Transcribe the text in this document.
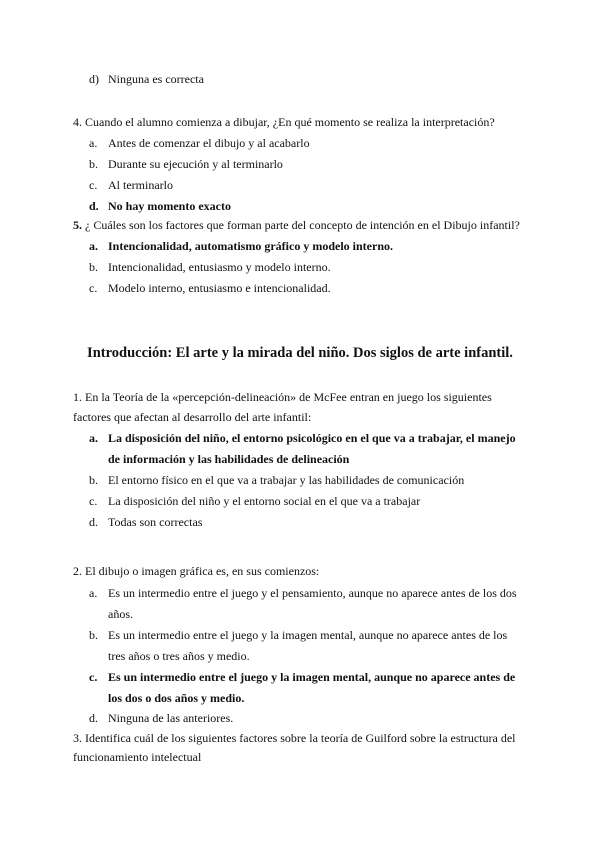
d) Ninguna es correcta
4. Cuando el alumno comienza a dibujar, ¿En qué momento se realiza la interpretación?
a. Antes de comenzar el dibujo y al acabarlo
b. Durante su ejecución y al terminarlo
c. Al terminarlo
d. No hay momento exacto
5. ¿ Cuáles son los factores que forman parte del concepto de intención en el Dibujo infantil?
a. Intencionalidad, automatismo gráfico y modelo interno.
b. Intencionalidad, entusiasmo y modelo interno.
c. Modelo interno, entusiasmo e intencionalidad.
Introducción: El arte y la mirada del niño. Dos siglos de arte infantil.
1. En la Teoría de la «percepción-delineación» de McFee entran en juego los siguientes
factores que afectan al desarrollo del arte infantil:
a. La disposición del niño, el entorno psicológico en el que va a trabajar, el manejo
de información y las habilidades de delineación
b. El entorno físico en el que va a trabajar y las habilidades de comunicación
c. La disposición del niño y el entorno social en el que va a trabajar
d. Todas son correctas
2. El dibujo o imagen gráfica es, en sus comienzos:
a. Es un intermedio entre el juego y el pensamiento, aunque no aparece antes de los dos
años.
b. Es un intermedio entre el juego y la imagen mental, aunque no aparece antes de los
tres años o tres años y medio.
c. Es un intermedio entre el juego y la imagen mental, aunque no aparece antes de
los dos o dos años y medio.
d. Ninguna de las anteriores.
3. Identifica cuál de los siguientes factores sobre la teoría de Guilford sobre la estructura del
funcionamiento intelectual
